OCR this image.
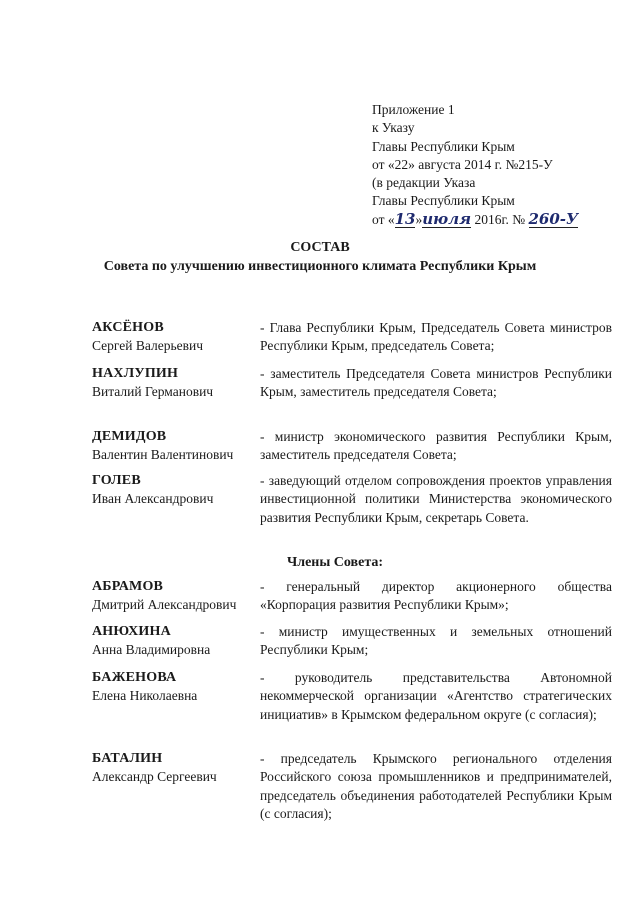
Приложение 1
к Указу
Главы Республики Крым
от «22» августа 2014 г. №215-У
(в редакции Указа
Главы Республики Крым
от «13»июля 2016г. № 260-У
СОСТАВ
Совета по улучшению инвестиционного климата Республики Крым
АКСЁНОВ
Сергей Валерьевич
- Глава Республики Крым, Председатель Совета министров Республики Крым, председатель Совета;
НАХЛУПИН
Виталий Германович
- заместитель Председателя Совета министров Республики Крым, заместитель председателя Совета;
ДЕМИДОВ
Валентин Валентинович
- министр экономического развития Республики Крым, заместитель председателя Совета;
ГОЛЕВ
Иван Александрович
- заведующий отделом сопровождения проектов управления инвестиционной политики Министерства экономического развития Республики Крым, секретарь Совета.
Члены Совета:
АБРАМОВ
Дмитрий Александрович
- генеральный директор акционерного общества «Корпорация развития Республики Крым»;
АНЮХИНА
Анна Владимировна
- министр имущественных и земельных отношений Республики Крым;
БАЖЕНОВА
Елена Николаевна
- руководитель представительства Автономной некоммерческой организации «Агентство стратегических инициатив» в Крымском федеральном округе (с согласия);
БАТАЛИН
Александр Сергеевич
- председатель Крымского регионального отделения Российского союза промышленников и предпринимателей, председатель объединения работодателей Республики Крым (с согласия);
